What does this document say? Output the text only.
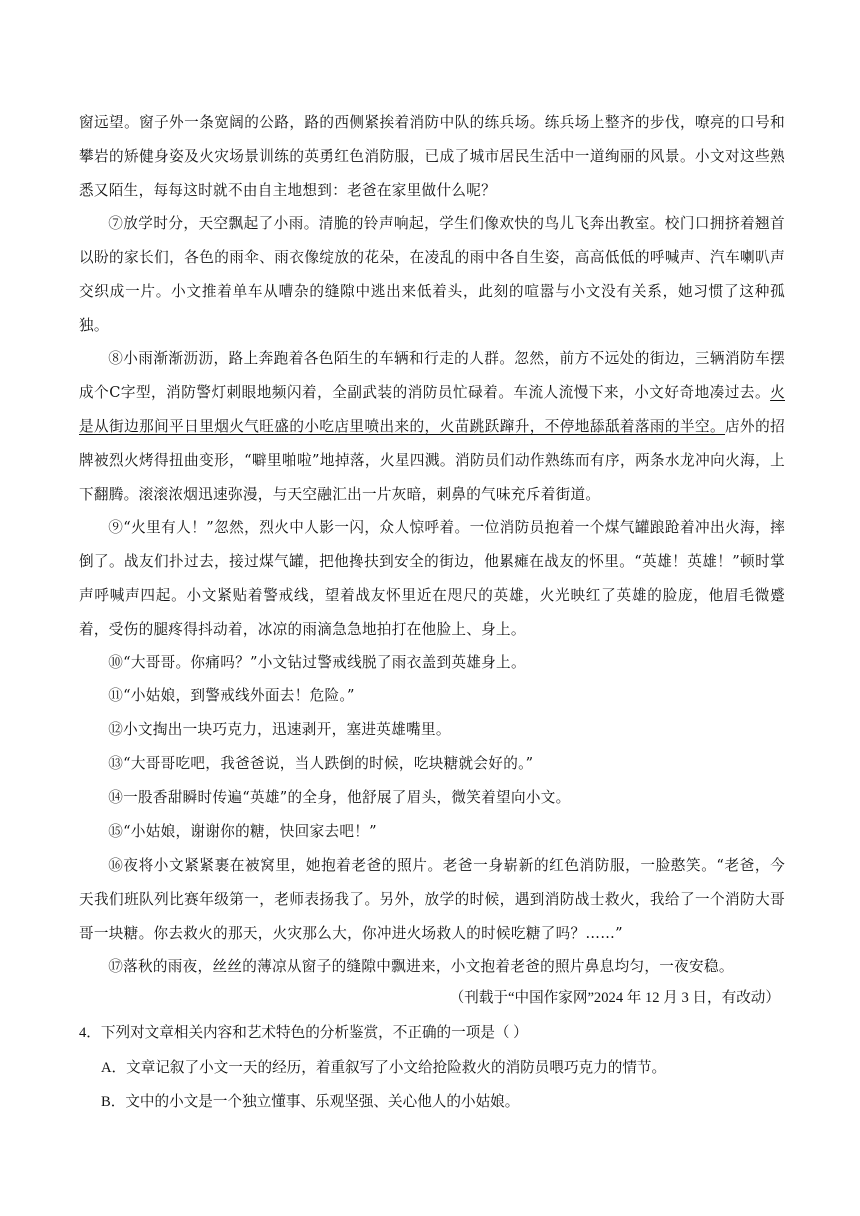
窗远望。窗子外一条宽阔的公路，路的西侧紧挨着消防中队的练兵场。练兵场上整齐的步伐，嘹亮的口号和攀岩的矫健身姿及火灾场景训练的英勇红色消防服，已成了城市居民生活中一道绚丽的风景。小文对这些熟悉又陌生，每每这时就不由自主地想到：老爸在家里做什么呢？

⑦放学时分，天空飘起了小雨。清脆的铃声响起，学生们像欢快的鸟儿飞奔出教室。校门口拥挤着翘首以盼的家长们，各色的雨伞、雨衣像绽放的花朵，在凌乱的雨中各自生姿，高高低低的呼喊声、汽车喇叭声交织成一片。小文推着单车从嘈杂的缝隙中逃出来低着头，此刻的喧嚣与小文没有关系，她习惯了这种孤独。

⑧小雨渐渐沥沥，路上奔跑着各色陌生的车辆和行走的人群。忽然，前方不远处的街边，三辆消防车摆成个C字型，消防警灯刺眼地频闪着，全副武装的消防员忙碌着。车流人流慢下来，小文好奇地凑过去。火是从街边那间平日里烟火气旺盛的小吃店里喷出来的，火苗跳跃蹿升，不停地舔舐着落雨的半空。店外的招牌被烈火烤得扭曲变形，“噼里啪啦”地掉落，火星四溅。消防员们动作熟练而有序，两条水龙冲向火海，上下翻腾。滚滚浓烟迅速弥漫，与天空融汇出一片灰暗，刺鼻的气味充斥着街道。

⑨“火里有人！”忽然，烈火中人影一闪，众人惊呼着。一位消防员抱着一个煤气罐踉跄着冲出火海，摔倒了。战友们扑过去，接过煤气罐，把他搀扶到安全的街边，他累瘫在战友的怀里。“英雄！英雄！”顿时掌声呼喊声四起。小文紧贴着警戒线，望着战友怀里近在咫尺的英雄，火光映红了英雄的脸庞，他眉毛微蹙着，受伤的腿疼得抖动着，冰凉的雨滴急急地拍打在他脸上、身上。

⑩“大哥哥。你痛吗？”小文钻过警戒线脱了雨衣盖到英雄身上。

⑪“小姑娘，到警戒线外面去！危险。”

⑫小文掏出一块巧克力，迅速剥开，塞进英雄嘴里。

⑬“大哥哥吃吧，我爸爸说，当人跌倒的时候，吃块糖就会好的。”

⑭一股香甜瞬时传遍“英雄”的全身，他舒展了眉头，微笑着望向小文。

⑮“小姑娘，谢谢你的糖，快回家去吧！”

⑯夜将小文紧紧裹在被窝里，她抱着老爸的照片。老爸一身崭新的红色消防服，一脸憨笑。“老爸，今天我们班队列比赛年级第一，老师表扬我了。另外，放学的时候，遇到消防战士救火，我给了一个消防大哥哥一块糖。你去救火的那天，火灾那么大，你冲进火场救人的时候吃糖了吗？……”

⑰落秋的雨夜，丝丝的薄凉从窗子的缝隙中飘进来，小文抱着老爸的照片鼻息均匀，一夜安稳。

（刊载于“中国作家网”2024 年 12 月 3 日，有改动）

4．下列对文章相关内容和艺术特色的分析鉴赏，不正确的一项是（ ）

A．文章记叙了小文一天的经历，着重叙写了小文给抢险救火的消防员喂巧克力的情节。

B．文中的小文是一个独立懂事、乐观坚强、关心他人的小姑娘。
